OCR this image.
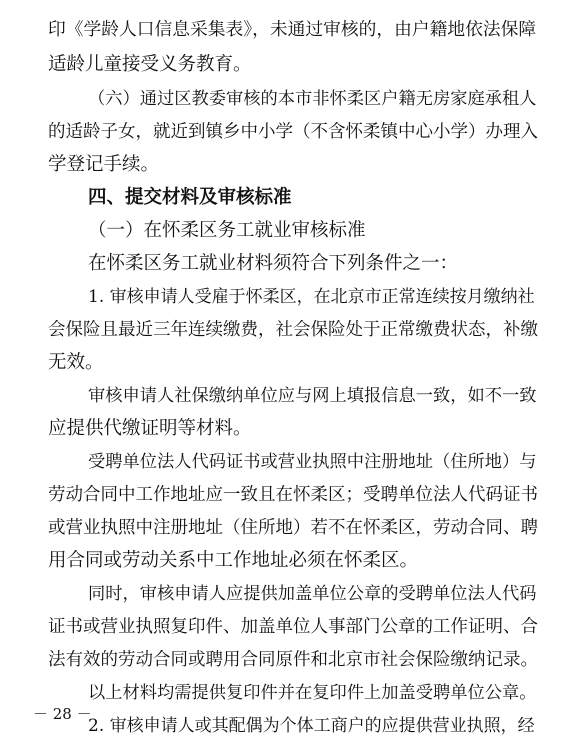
印《学龄人口信息采集表》，未通过审核的，由户籍地依法保障
适龄儿童接受义务教育。
（六）通过区教委审核的本市非怀柔区户籍无房家庭承租人
的适龄子女，就近到镇乡中小学（不含怀柔镇中心小学）办理入
学登记手续。
四、提交材料及审核标准
（一）在怀柔区务工就业审核标准
在怀柔区务工就业材料须符合下列条件之一：
1. 审核申请人受雇于怀柔区，在北京市正常连续按月缴纳社
会保险且最近三年连续缴费，社会保险处于正常缴费状态，补缴
无效。
审核申请人社保缴纳单位应与网上填报信息一致，如不一致
应提供代缴证明等材料。
受聘单位法人代码证书或营业执照中注册地址（住所地）与
劳动合同中工作地址应一致且在怀柔区；受聘单位法人代码证书
或营业执照中注册地址（住所地）若不在怀柔区，劳动合同、聘
用合同或劳动关系中工作地址必须在怀柔区。
同时，审核申请人应提供加盖单位公章的受聘单位法人代码
证书或营业执照复印件、加盖单位人事部门公章的工作证明、合
法有效的劳动合同或聘用合同原件和北京市社会保险缴纳记录。
以上材料均需提供复印件并在复印件上加盖受聘单位公章。
2. 审核申请人或其配偶为个体工商户的应提供营业执照，经
－ 28 －
